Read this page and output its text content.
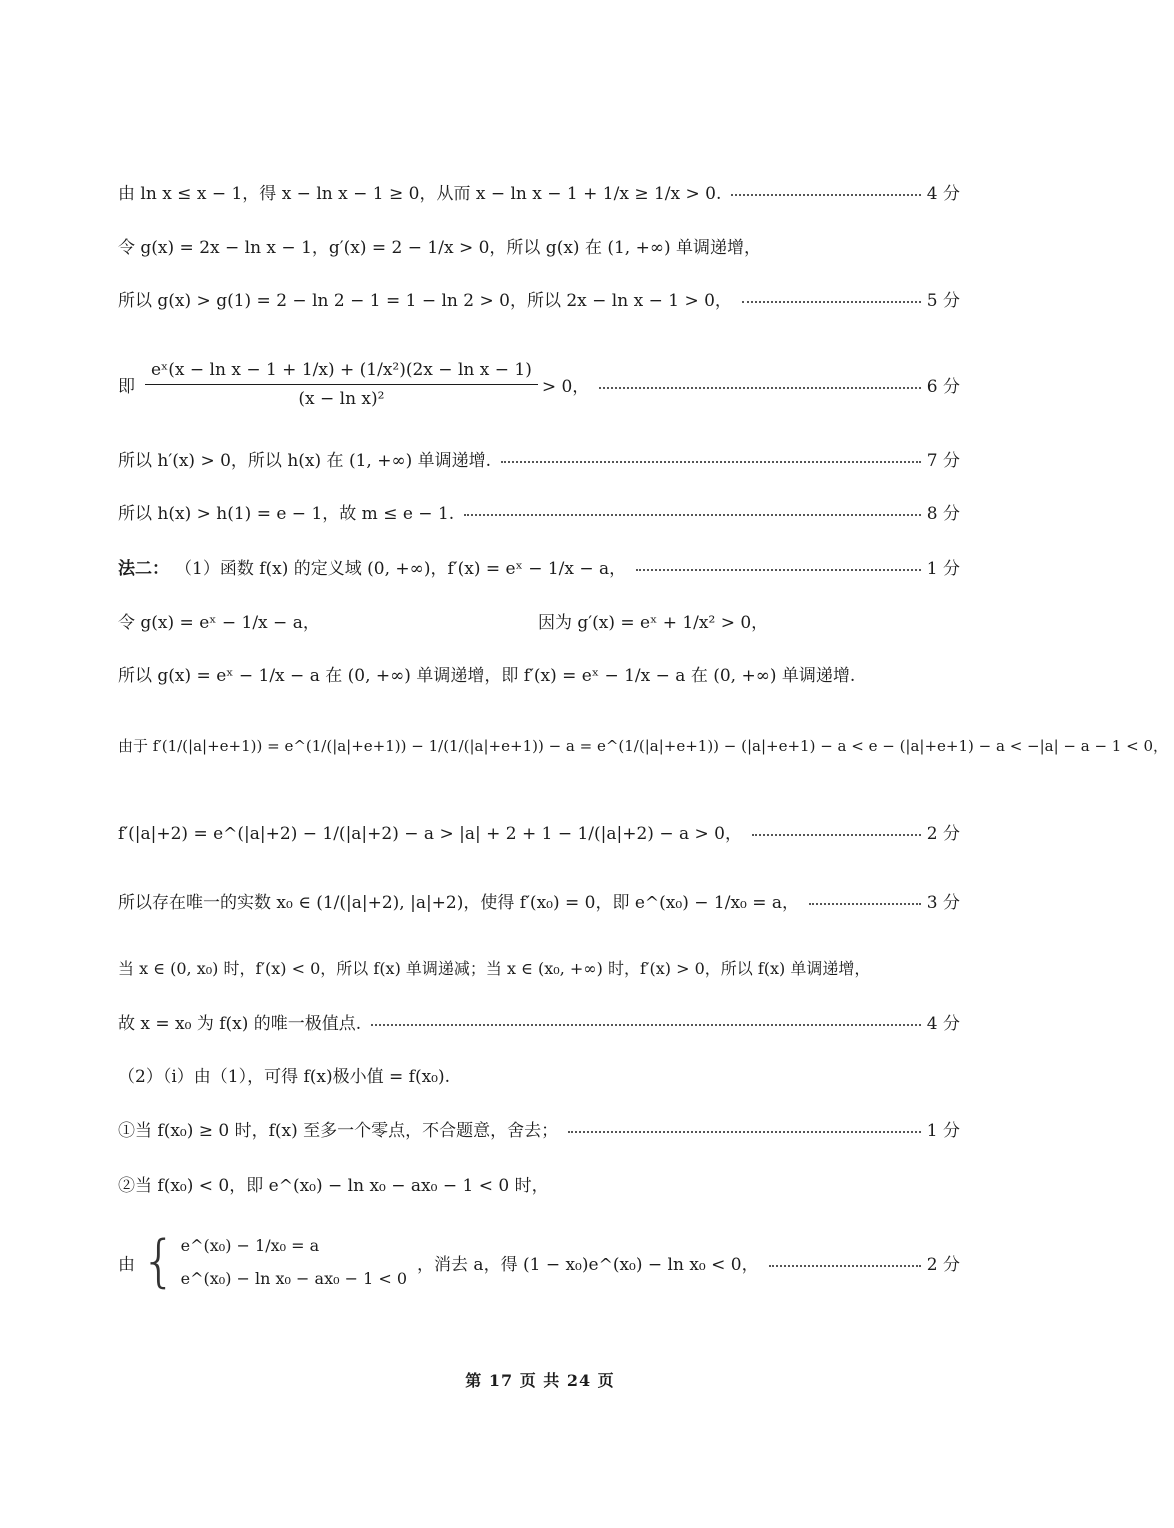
由 ln x ≤ x − 1，得 x − ln x − 1 ≥ 0，从而 x − ln x − 1 + 1/x ≥ 1/x > 0.	4 分
令 g(x) = 2x − ln x − 1，g′(x) = 2 − 1/x > 0，所以 g(x) 在 (1, +∞) 单调递增，
所以 g(x) > g(1) = 2 − ln 2 − 1 = 1 − ln 2 > 0，所以 2x − ln x − 1 > 0，	5 分
即
eˣ(x − ln x − 1 + 1/x) + (1/x²)(2x − ln x − 1)
(x − ln x)²
> 0，	6 分
所以 h′(x) > 0，所以 h(x) 在 (1, +∞) 单调递增.	7 分
所以 h(x) > h(1) = e − 1，故 m ≤ e − 1.	8 分
法二： （1）函数 f(x) 的定义域 (0, +∞)，f′(x) = eˣ − 1/x − a，	1 分
令 g(x) = eˣ − 1/x − a，	因为 g′(x) = eˣ + 1/x² > 0，
所以 g(x) = eˣ − 1/x − a 在 (0, +∞) 单调递增，即 f′(x) = eˣ − 1/x − a 在 (0, +∞) 单调递增.
由于 f′(1/(|a|+e+1)) = e^(1/(|a|+e+1)) − 1/(1/(|a|+e+1)) − a = e^(1/(|a|+e+1)) − (|a|+e+1) − a < e − (|a|+e+1) − a < −|a| − a − 1 < 0，
f′(|a|+2) = e^(|a|+2) − 1/(|a|+2) − a > |a| + 2 + 1 − 1/(|a|+2) − a > 0，	2 分
所以存在唯一的实数 x₀ ∈ (1/(|a|+2), |a|+2)，使得 f′(x₀) = 0，即 e^(x₀) − 1/x₀ = a，	3 分
当 x ∈ (0, x₀) 时，f′(x) < 0，所以 f(x) 单调递减；当 x ∈ (x₀, +∞) 时，f′(x) > 0，所以 f(x) 单调递增，
故 x = x₀ 为 f(x) 的唯一极值点.	4 分
（2）（i）由（1），可得 f(x)极小值 = f(x₀).
①当 f(x₀) ≥ 0 时，f(x) 至多一个零点，不合题意，舍去；	1 分
②当 f(x₀) < 0，即 e^(x₀) − ln x₀ − ax₀ − 1 < 0 时，
由 { e^(x₀) − 1/x₀ = a
e^(x₀) − ln x₀ − ax₀ − 1 < 0
，消去 a，得 (1 − x₀)e^(x₀) − ln x₀ < 0，	2 分
第 17 页 共 24 页
